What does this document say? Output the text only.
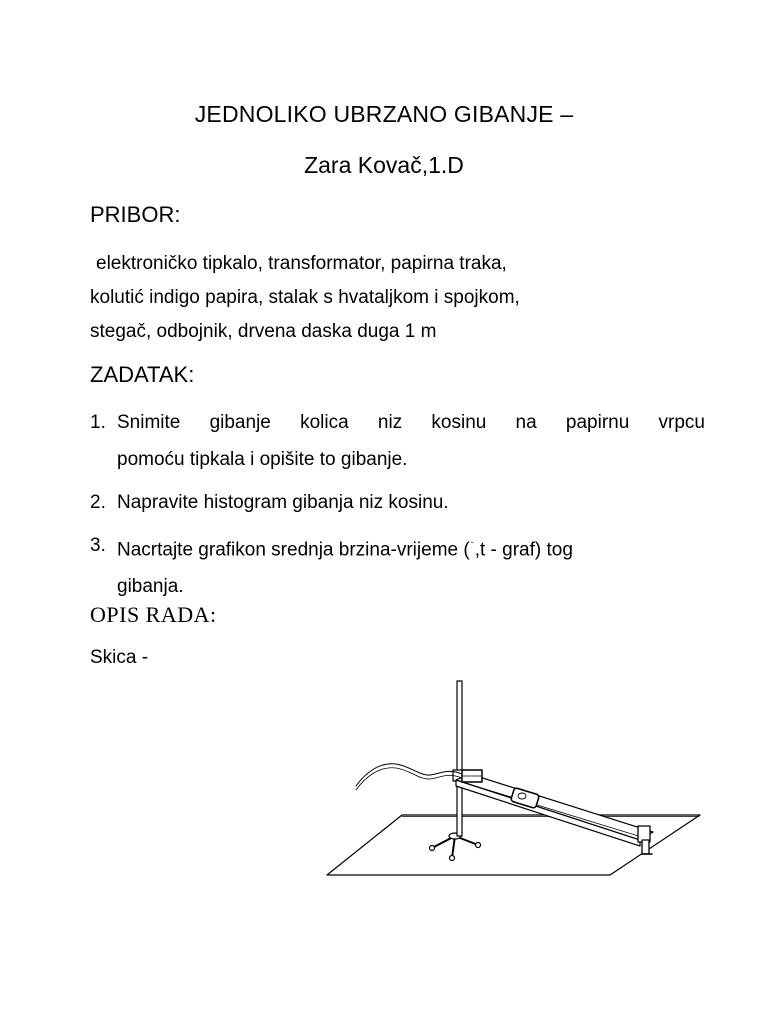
JEDNOLIKO UBRZANO GIBANJE –
Zara Kovač,1.D
PRIBOR:
elektroničko tipkalo, transformator, papirna traka,
kolutić indigo papira, stalak s hvataljkom i spojkom,
stegač, odbojnik, drvena daska duga 1 m
ZADATAK:
1. Snimite gibanje kolica niz kosinu na papirnu vrpcu
pomoću tipkala i opišite to gibanje.
2. Napravite histogram gibanja niz kosinu.
3. Nacrtajte grafikon srednja brzina-vrijeme ($^ˉ$,t - graf) tog
gibanja.
OPIS RADA:
Skica -
